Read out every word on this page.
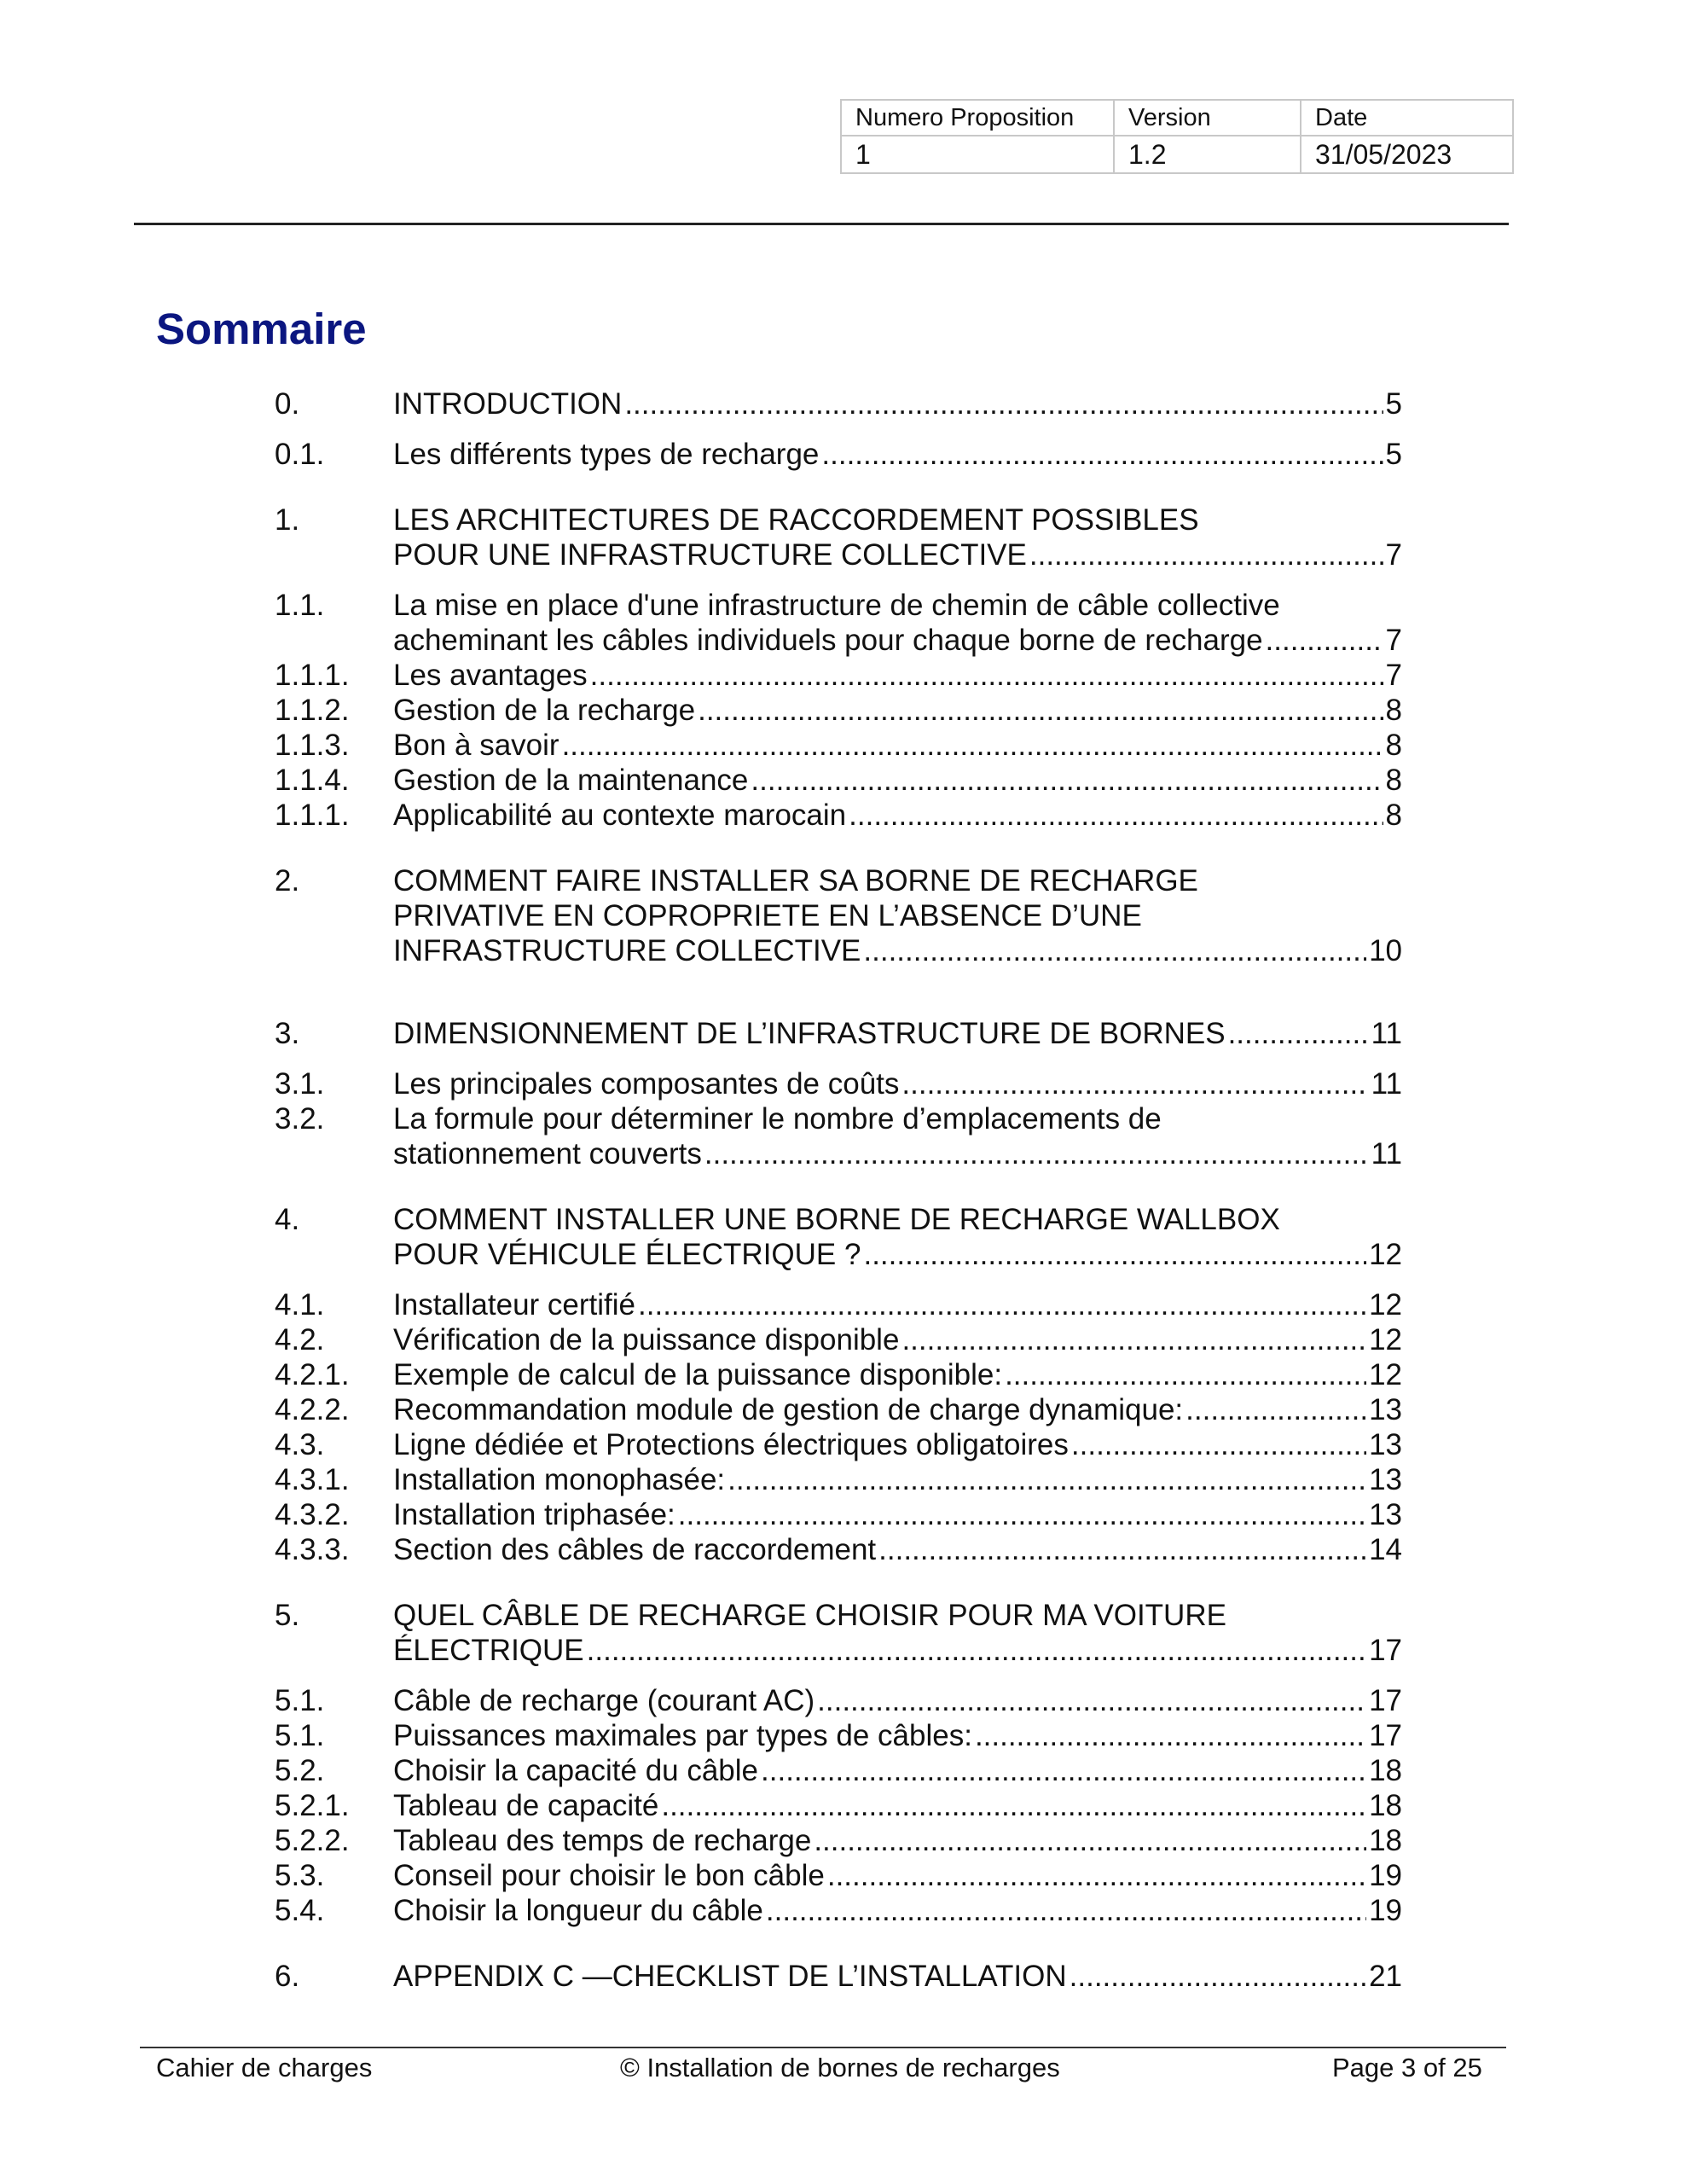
Numero Proposition	Version	Date
1	1.2	31/05/2023
Sommaire
0.	INTRODUCTION .....	5
0.1. Les différents types de recharge .....	5
1.	LES ARCHITECTURES DE RACCORDEMENT POSSIBLES
POUR UNE INFRASTRUCTURE COLLECTIVE .....	7
1.1. La mise en place d'une infrastructure de chemin de câble collective
acheminant les câbles individuels pour chaque borne de recharge .....	7
1.1.1. Les avantages .....	7
1.1.2. Gestion de la recharge .....	8
1.1.3. Bon à savoir .....	8
1.1.4. Gestion de la maintenance .....	8
1.1.1. Applicabilité au contexte marocain .....	8
2.	COMMENT FAIRE INSTALLER SA BORNE DE RECHARGE
PRIVATIVE EN COPROPRIETE EN L’ABSENCE D’UNE
INFRASTRUCTURE COLLECTIVE .....	10
3.	DIMENSIONNEMENT DE L’INFRASTRUCTURE DE BORNES .....	11
3.1. Les principales composantes de coûts .....	11
3.2. La formule pour déterminer le nombre d’emplacements de
stationnement couverts .....	11
4.	COMMENT INSTALLER UNE BORNE DE RECHARGE WALLBOX
POUR VÉHICULE ÉLECTRIQUE ? .....	12
4.1. Installateur certifié .....	12
4.2. Vérification de la puissance disponible .....	12
4.2.1. Exemple de calcul de la puissance disponible: .....	12
4.2.2. Recommandation module de gestion de charge dynamique: .....	13
4.3. Ligne dédiée et Protections électriques obligatoires .....	13
4.3.1. Installation monophasée: .....	13
4.3.2. Installation triphasée: .....	13
4.3.3. Section des câbles de raccordement .....	14
5.	QUEL CÂBLE DE RECHARGE CHOISIR POUR MA VOITURE
ÉLECTRIQUE .....	17
5.1. Câble de recharge (courant AC) .....	17
5.1. Puissances maximales par types de câbles: .....	17
5.2. Choisir la capacité du câble .....	18
5.2.1. Tableau de capacité .....	18
5.2.2. Tableau des temps de recharge .....	18
5.3. Conseil pour choisir le bon câble .....	19
5.4. Choisir la longueur du câble .....	19
6.	APPENDIX C —CHECKLIST DE L’INSTALLATION .....	21
Cahier de charges	© Installation de bornes de recharges	Page 3 of 25
